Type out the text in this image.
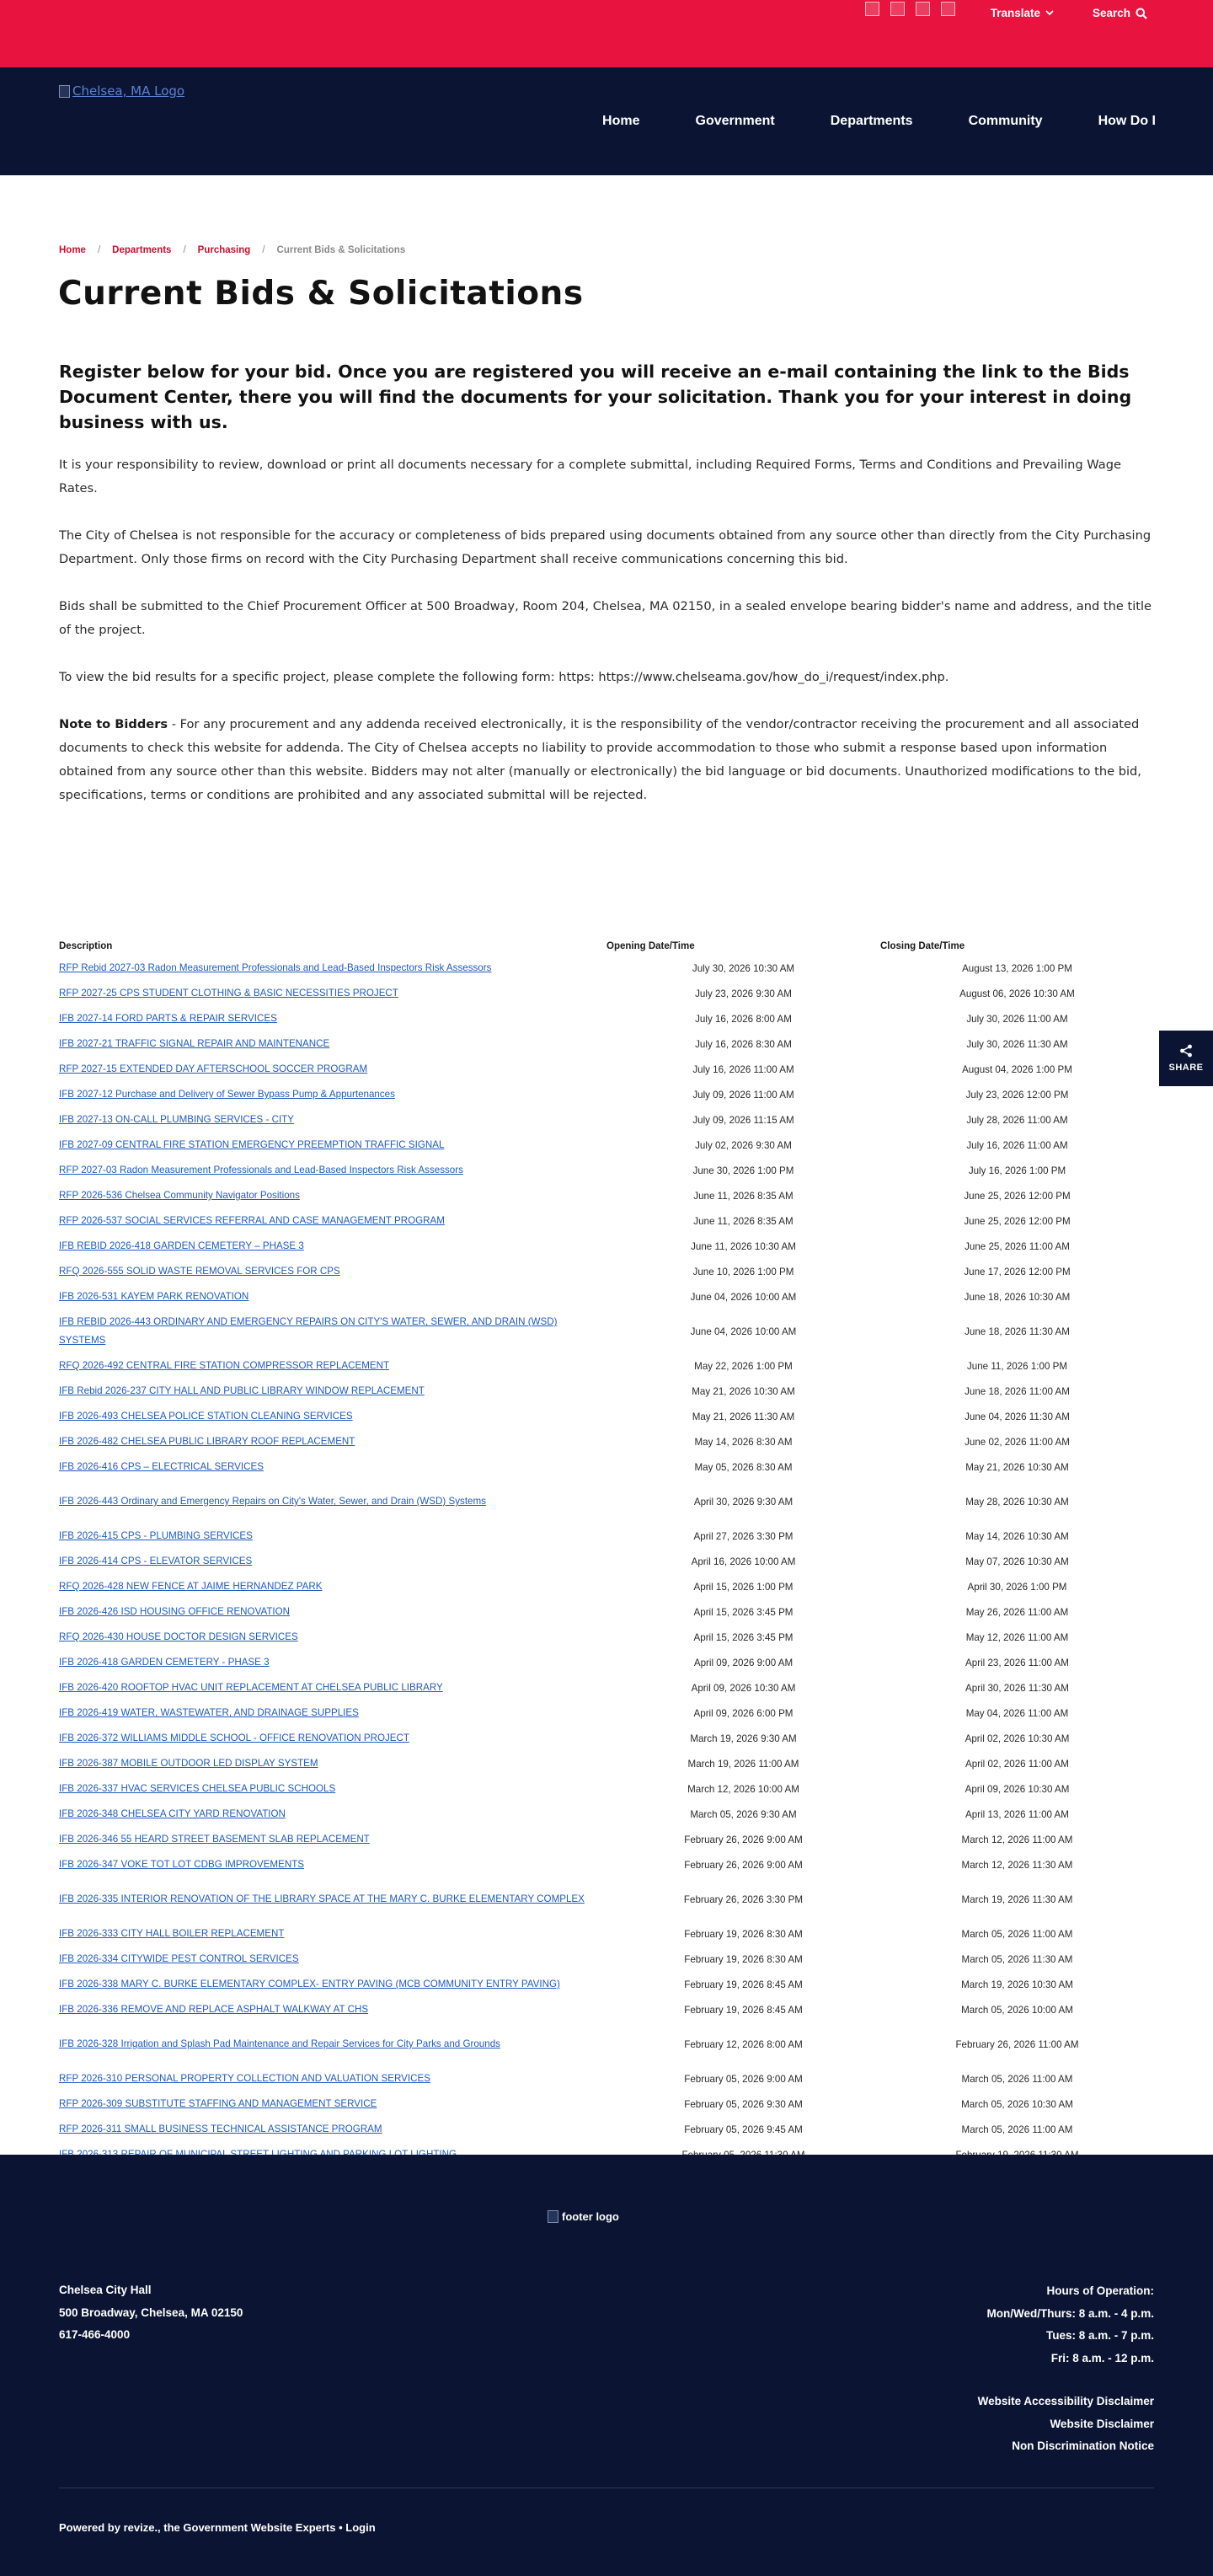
Translate	Search
Chelsea, MA Logo
Home	Government	Departments	Community	How Do I
Home / Departments / Purchasing / Current Bids & Solicitations
Current Bids & Solicitations

Register below for your bid. Once you are registered you will receive an e-mail containing the link to the Bids Document Center, there you will find the documents for your solicitation. Thank you for your interest in doing business with us.

It is your responsibility to review, download or print all documents necessary for a complete submittal, including Required Forms, Terms and Conditions and Prevailing Wage Rates.

The City of Chelsea is not responsible for the accuracy or completeness of bids prepared using documents obtained from any source other than directly from the City Purchasing Department. Only those firms on record with the City Purchasing Department shall receive communications concerning this bid.

Bids shall be submitted to the Chief Procurement Officer at 500 Broadway, Room 204, Chelsea, MA 02150, in a sealed envelope bearing bidder's name and address, and the title of the project.

To view the bid results for a specific project, please complete the following form: https: https://www.chelseama.gov/how_do_i/request/index.php.

Note to Bidders - For any procurement and any addenda received electronically, it is the responsibility of the vendor/contractor receiving the procurement and all associated documents to check this website for addenda. The City of Chelsea accepts no liability to provide accommodation to those who submit a response based upon information obtained from any source other than this website. Bidders may not alter (manually or electronically) the bid language or bid documents. Unauthorized modifications to the bid, specifications, terms or conditions are prohibited and any associated submittal will be rejected.

Description	Opening Date/Time	Closing Date/Time
RFP Rebid 2027-03 Radon Measurement Professionals and Lead-Based Inspectors Risk Assessors	July 30, 2026 10:30 AM	August 13, 2026 1:00 PM
RFP 2027-25 CPS STUDENT CLOTHING & BASIC NECESSITIES PROJECT	July 23, 2026 9:30 AM	August 06, 2026 10:30 AM
IFB 2027-14 FORD PARTS & REPAIR SERVICES	July 16, 2026 8:00 AM	July 30, 2026 11:00 AM
IFB 2027-21 TRAFFIC SIGNAL REPAIR AND MAINTENANCE	July 16, 2026 8:30 AM	July 30, 2026 11:30 AM
RFP 2027-15 EXTENDED DAY AFTERSCHOOL SOCCER PROGRAM	July 16, 2026 11:00 AM	August 04, 2026 1:00 PM
IFB 2027-12 Purchase and Delivery of Sewer Bypass Pump & Appurtenances	July 09, 2026 11:00 AM	July 23, 2026 12:00 PM
IFB 2027-13 ON-CALL PLUMBING SERVICES - CITY	July 09, 2026 11:15 AM	July 28, 2026 11:00 AM
IFB 2027-09 CENTRAL FIRE STATION EMERGENCY PREEMPTION TRAFFIC SIGNAL	July 02, 2026 9:30 AM	July 16, 2026 11:00 AM
RFP 2027-03 Radon Measurement Professionals and Lead-Based Inspectors Risk Assessors	June 30, 2026 1:00 PM	July 16, 2026 1:00 PM
RFP 2026-536 Chelsea Community Navigator Positions	June 11, 2026 8:35 AM	June 25, 2026 12:00 PM
RFP 2026-537 SOCIAL SERVICES REFERRAL AND CASE MANAGEMENT PROGRAM	June 11, 2026 8:35 AM	June 25, 2026 12:00 PM
IFB REBID 2026-418 GARDEN CEMETERY – PHASE 3	June 11, 2026 10:30 AM	June 25, 2026 11:00 AM
RFQ 2026-555 SOLID WASTE REMOVAL SERVICES FOR CPS	June 10, 2026 1:00 PM	June 17, 2026 12:00 PM
IFB 2026-531 KAYEM PARK RENOVATION	June 04, 2026 10:00 AM	June 18, 2026 10:30 AM
IFB REBID 2026-443 ORDINARY AND EMERGENCY REPAIRS ON CITY'S WATER, SEWER, AND DRAIN (WSD) SYSTEMS	June 04, 2026 10:00 AM	June 18, 2026 11:30 AM
RFQ 2026-492 CENTRAL FIRE STATION COMPRESSOR REPLACEMENT	May 22, 2026 1:00 PM	June 11, 2026 1:00 PM
IFB Rebid 2026-237 CITY HALL AND PUBLIC LIBRARY WINDOW REPLACEMENT	May 21, 2026 10:30 AM	June 18, 2026 11:00 AM
IFB 2026-493 CHELSEA POLICE STATION CLEANING SERVICES	May 21, 2026 11:30 AM	June 04, 2026 11:30 AM
IFB 2026-482 CHELSEA PUBLIC LIBRARY ROOF REPLACEMENT	May 14, 2026 8:30 AM	June 02, 2026 11:00 AM
IFB 2026-416 CPS – ELECTRICAL SERVICES	May 05, 2026 8:30 AM	May 21, 2026 10:30 AM
IFB 2026-443 Ordinary and Emergency Repairs on City's Water, Sewer, and Drain (WSD) Systems	April 30, 2026 9:30 AM	May 28, 2026 10:30 AM
IFB 2026-415 CPS - PLUMBING SERVICES	April 27, 2026 3:30 PM	May 14, 2026 10:30 AM
IFB 2026-414 CPS - ELEVATOR SERVICES	April 16, 2026 10:00 AM	May 07, 2026 10:30 AM
RFQ 2026-428 NEW FENCE AT JAIME HERNANDEZ PARK	April 15, 2026 1:00 PM	April 30, 2026 1:00 PM
IFB 2026-426 ISD HOUSING OFFICE RENOVATION	April 15, 2026 3:45 PM	May 26, 2026 11:00 AM
RFQ 2026-430 HOUSE DOCTOR DESIGN SERVICES	April 15, 2026 3:45 PM	May 12, 2026 11:00 AM
IFB 2026-418 GARDEN CEMETERY - PHASE 3	April 09, 2026 9:00 AM	April 23, 2026 11:00 AM
IFB 2026-420 ROOFTOP HVAC UNIT REPLACEMENT AT CHELSEA PUBLIC LIBRARY	April 09, 2026 10:30 AM	April 30, 2026 11:30 AM
IFB 2026-419 WATER, WASTEWATER, AND DRAINAGE SUPPLIES	April 09, 2026 6:00 PM	May 04, 2026 11:00 AM
IFB 2026-372 WILLIAMS MIDDLE SCHOOL - OFFICE RENOVATION PROJECT	March 19, 2026 9:30 AM	April 02, 2026 10:30 AM
IFB 2026-387 MOBILE OUTDOOR LED DISPLAY SYSTEM	March 19, 2026 11:00 AM	April 02, 2026 11:00 AM
IFB 2026-337 HVAC SERVICES CHELSEA PUBLIC SCHOOLS	March 12, 2026 10:00 AM	April 09, 2026 10:30 AM
IFB 2026-348 CHELSEA CITY YARD RENOVATION	March 05, 2026 9:30 AM	April 13, 2026 11:00 AM
IFB 2026-346 55 HEARD STREET BASEMENT SLAB REPLACEMENT	February 26, 2026 9:00 AM	March 12, 2026 11:00 AM
IFB 2026-347 VOKE TOT LOT CDBG IMPROVEMENTS	February 26, 2026 9:00 AM	March 12, 2026 11:30 AM
IFB 2026-335 INTERIOR RENOVATION OF THE LIBRARY SPACE AT THE MARY C. BURKE ELEMENTARY COMPLEX	February 26, 2026 3:30 PM	March 19, 2026 11:30 AM
IFB 2026-333 CITY HALL BOILER REPLACEMENT	February 19, 2026 8:30 AM	March 05, 2026 11:00 AM
IFB 2026-334 CITYWIDE PEST CONTROL SERVICES	February 19, 2026 8:30 AM	March 05, 2026 11:30 AM
IFB 2026-338 MARY C. BURKE ELEMENTARY COMPLEX- ENTRY PAVING (MCB COMMUNITY ENTRY PAVING)	February 19, 2026 8:45 AM	March 19, 2026 10:30 AM
IFB 2026-336 REMOVE AND REPLACE ASPHALT WALKWAY AT CHS	February 19, 2026 8:45 AM	March 05, 2026 10:00 AM
IFB 2026-328 Irrigation and Splash Pad Maintenance and Repair Services for City Parks and Grounds	February 12, 2026 8:00 AM	February 26, 2026 11:00 AM
RFP 2026-310 PERSONAL PROPERTY COLLECTION AND VALUATION SERVICES	February 05, 2026 9:00 AM	March 05, 2026 11:00 AM
RFP 2026-309 SUBSTITUTE STAFFING AND MANAGEMENT SERVICE	February 05, 2026 9:30 AM	March 05, 2026 10:30 AM
RFP 2026-311 SMALL BUSINESS TECHNICAL ASSISTANCE PROGRAM	February 05, 2026 9:45 AM	March 05, 2026 11:00 AM

SHARE
footer logo
Chelsea City Hall
500 Broadway, Chelsea, MA 02150
617-466-4000
Hours of Operation:
Mon/Wed/Thurs: 8 a.m. - 4 p.m.
Tues: 8 a.m. - 7 p.m.
Fri: 8 a.m. - 12 p.m.
Website Accessibility Disclaimer
Website Disclaimer
Non Discrimination Notice
Powered by revize., the Government Website Experts • Login
